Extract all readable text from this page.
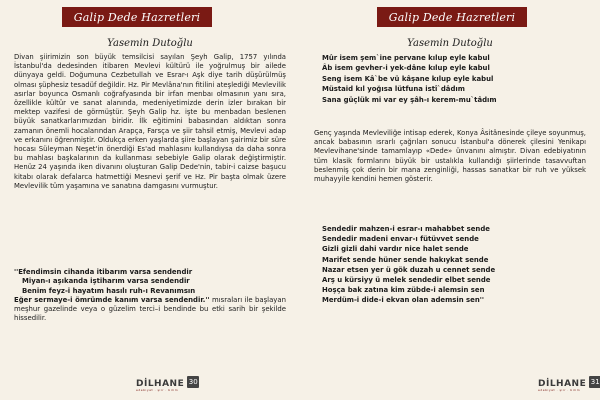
Galip Dede Hazretleri
Yasemin Dutoğlu
Divan şiirimizin son büyük temsilcisi sayılan Şeyh Galip, 1757 yılında İstanbul'da dedesinden itibaren Mevlevi kültürü ile yoğrulmuş bir ailede dünyaya geldi. Doğumuna Cezbetullah ve Esrar-ı Aşk diye tarih düşürülmüş olması şüphesiz tesadüf değildir. Hz. Pir Mevlâna'nın fitilini ateşlediği Mevlevilik asırlar boyunca Osmanlı coğrafyasında bir irfan menbaı olmasının yanı sıra, özellikle kültür ve sanat alanında, medeniyetimizde derin izler bırakan bir mektep vazifesi de görmüştür. Şeyh Galip hz. işte bu menbadan beslenen büyük sanatkarlarımızdan biridir. İlk eğitimini babasından aldıktan sonra zamanın önemli hocalarından Arapça, Farsça ve şiir tahsil etmiş, Mevlevi adap ve erkanını öğrenmiştir. Oldukça erken yaşlarda şiire başlayan şairimiz bir süre hocası Süleyman Neşet'in önerdiği Es'ad mahlasını kullandıysa da daha sonra bu mahlası başkalarının da kullanması sebebiyle Galip olarak değiştirmiştir. Henüz 24 yaşında iken divanını oluşturan Galip Dede'nin, tabir-i caizse başucu kitabı olarak defalarca hatmettiği Mesnevi şerif ve Hz. Pir başta olmak üzere Mevlevilik tüm yaşamına ve sanatına damgasını vurmuştur.
''Efendimsin cihanda itibarım varsa sendendir
Miyan-ı aşıkanda iştiharım varsa sendendir
Benim feyz-i hayatım hasılı ruh-ı Revanımsın
Eğer sermaye-i ömrümde kanım varsa sendendir.'' mısraları ile başlayan meşhur gazelinde veya o güzelim terci–i bendinde bu etki sarih bir şekilde hissedilir.
DİLHANE
edebiyat · şiir · bilim
30
Galip Dede Hazretleri
Yasemin Dutoğlu
Mûr isem şem`ine pervane kılup eyle kabul
Âb isem gevher-i yek-dâne kılup eyle kabul
Seng isem Kâ`be vü kâşane kılup eyle kabul
Müstaid kıl yoğısa lütfuna istî`dâdım
Sana güçlük mi var ey şâh-ı kerem-mu`tâdım
Genç yaşında Mevleviliğe intisap ederek, Konya Âsitânesinde çileye soyunmuş, ancak babasının ısrarlı çağrıları sonucu İstanbul'a dönerek çilesini Yenikapı Mevlevihane'sinde tamamlayıp «Dede» ünvanını almıştır. Divan edebiyatının tüm klasik formlarını büyük bir ustalıkla kullandığı şiirlerinde tasavvuftan beslenmiş çok derin bir mana zenginliği, hassas sanatkar bir ruh ve yüksek muhayyile kendini hemen gösterir.
Sendedir mahzen-i esrar-ı mahabbet sende
Sendedir madeni envar-ı fütüvvet sende
Gizli gizli dahi vardır nice halet sende
Marifet sende hüner sende hakıykat sende
Nazar etsen yer ü gök duzah u cennet sende
Arş u kürsiyy ü melek sendedir elbet sende
Hoşça bak zatına kim zübde-i alemsin sen
Merdüm-i dide-i ekvan olan ademsin sen''
DİLHANE
edebiyat · şiir · bilim
31
